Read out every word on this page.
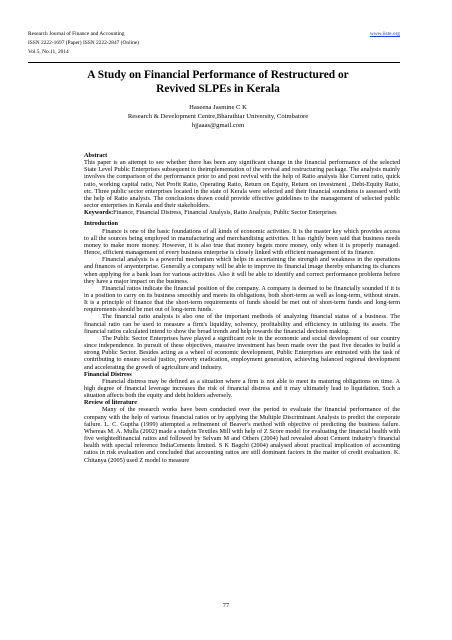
Research Journal of Finance and Accounting	www.iiste.org
ISSN 2222-1697 (Paper) ISSN 2222-2847 (Online)
Vol.5, No.11, 2014
A Study on Financial Performance of Restructured or
Revived SLPEs in Kerala
Haseena Jasmine C K
Research & Development Centre,Bharathiar University, Coimbatore
hjjaaas@gmail.com
Abstract

This paper is an attempt to see whether there has been any significant change in the financial performance of the selected State Level Public Enterprises subsequent to theimplementation of the revival and restructuring package. The analysis mainly involves the comparison of the performance prior to and post revival with the help of Ratio analysis like Current ratio, quick ratio, working capital ratio, Net Profit Ratio, Operating Ratio, Return on Equity, Return on investment , Debt-Equity Ratio, etc. Three public sector enterprises located in the state of Kerala were selected and their financial soundness is assessed with the help of Ratio analysis. The conclusions drawn could provide effective guidelines to the management of selected public sector enterprises in Kerala and their stakeholders.

Keywords:Finance, Financial Distress, Financial Analysis, Ratio Analysis, Public Sector Enterprises

Introduction

Finance is one of the basic foundations of all kinds of economic activities. It is the master key which provides access to all the sources being employed in manufacturing and merchandising activities. It has rightly been said that business needs money to make more money. However, it is also true that money begets more money, only when it is properly managed. Hence, efficient management of every business enterprise is closely linked with efficient management of its finance.

Financial analysis is a powerful mechanism which helps in ascertaining the strength and weakness in the operations and finances of anyenterprise. Generally a company will be able to improve its financial image thereby enhancing its chances when applying for a bank loan for various activities. Also it will be able to identify and correct performance problems before they have a major impact on the business.

Financial ratios indicate the financial position of the company. A company is deemed to be financially sounded if it is in a position to carry on its business smoothly and meets its obligations, both short-term as well as long-term, without strain. It is a principle of finance that the short-term requirements of funds should be met out of short-term funds and long-term requirements should be met out of long-term funds.

The financial ratio analysis is also one of the important methods of analyzing financial status of a business. The financial ratio can be used to measure a firm's liquidity, solvency, profitability and efficiency in utilising its assets. The financial ratios calculated intend to show the broad trends and help towards the financial decision making.

The Public Sector Enterprises have played a significant role in the economic and social development of our country since independence. In pursuit of these objectives, massive investment has been made over the past five decades to build a strong Public Sector. Besides acting as a wheel of economic development, Public Enterprises are entrusted with the task of contributing to ensure social justice, poverty eradication, employment generation, achieving balanced regional development and accelerating the growth of agriculture and industry.

Financial Distress

Financial distress may be defined as a situation where a firm is not able to meet its maturing obligations on time. A high degree of financial leverage increases the risk of financial distress and it may ultimately lead to liquidation. Such a situation affects both the equity and debt holders adversely.

Review of literature

Many of the research works have been conducted over the period to evaluate the financial performance of the company with the help of various financial ratios or by applying the Multiple Discriminant Analysis to predict the corporate failure. L. C. Guptha (1999) attempted a refinement of Beaver's method with objective of predicting the business failure. Whereas M. A. Mulla (2002) made a studyin Textiles Mill with help of Z Score model for evaluating the financial health with five weightedfinancial ratios and followed by Selvam M and Others (2004) had revealed about Cement industry's financial health with special reference IndiaCements limited. S K Bagchi (2004) analysed about practical implication of accounting ratios in risk evaluation and concluded that accounting ratios are still dominant factors in the matter of credit evaluation. K. Chitanya (2005) used Z model to measure

77
